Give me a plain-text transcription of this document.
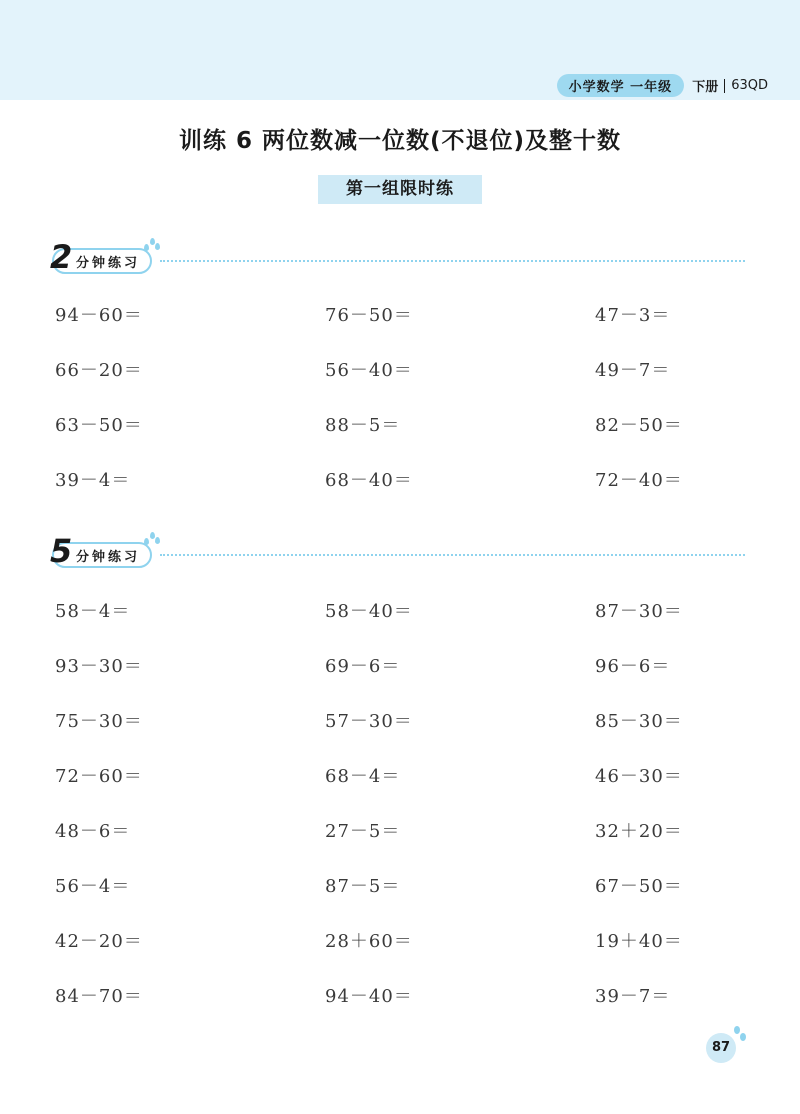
小学数学 一年级	下册 63QD
训练 6 两位数减一位数(不退位)及整十数
第一组限时练
2 分钟练习
94－60＝	76－50＝	47－3＝
66－20＝	56－40＝	49－7＝
63－50＝	88－5＝	82－50＝
39－4＝	68－40＝	72－40＝
5 分钟练习
58－4＝	58－40＝	87－30＝
93－30＝	69－6＝	96－6＝
75－30＝	57－30＝	85－30＝
72－60＝	68－4＝	46－30＝
48－6＝	27－5＝	32＋20＝
56－4＝	87－5＝	67－50＝
42－20＝	28＋60＝	19＋40＝
84－70＝	94－40＝	39－7＝
87
